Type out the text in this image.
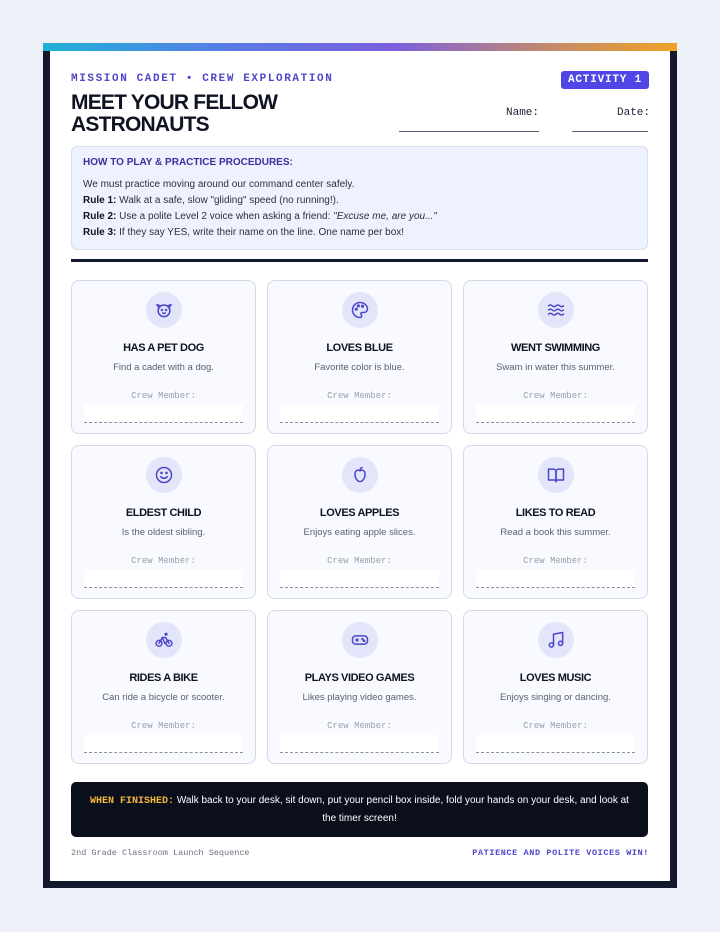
MISSION CADET • CREW EXPLORATION	ACTIVITY 1
MEET YOUR FELLOW ASTRONAUTS	Name:	Date:
HOW TO PLAY & PRACTICE PROCEDURES:

We must practice moving around our command center safely.

Rule 1: Walk at a safe, slow "gliding" speed (no running!).

Rule 2: Use a polite Level 2 voice when asking a friend: "Excuse me, are you..."

Rule 3: If they say YES, write their name on the line. One name per box!

HAS A PET DOG
Find a cadet with a dog.
Crew Member:
LOVES BLUE
Favorite color is blue.
Crew Member:
WENT SWIMMING
Swam in water this summer.
Crew Member:
ELDEST CHILD
Is the oldest sibling.
Crew Member:
LOVES APPLES
Enjoys eating apple slices.
Crew Member:
LIKES TO READ
Read a book this summer.
Crew Member:
RIDES A BIKE
Can ride a bicycle or scooter.
Crew Member:
PLAYS VIDEO GAMES
Likes playing video games.
Crew Member:
LOVES MUSIC
Enjoys singing or dancing.
Crew Member:
WHEN FINISHED: Walk back to your desk, sit down, put your pencil box inside, fold your hands on your desk, and look at the timer screen!
2nd Grade Classroom Launch Sequence	PATIENCE AND POLITE VOICES WIN!
